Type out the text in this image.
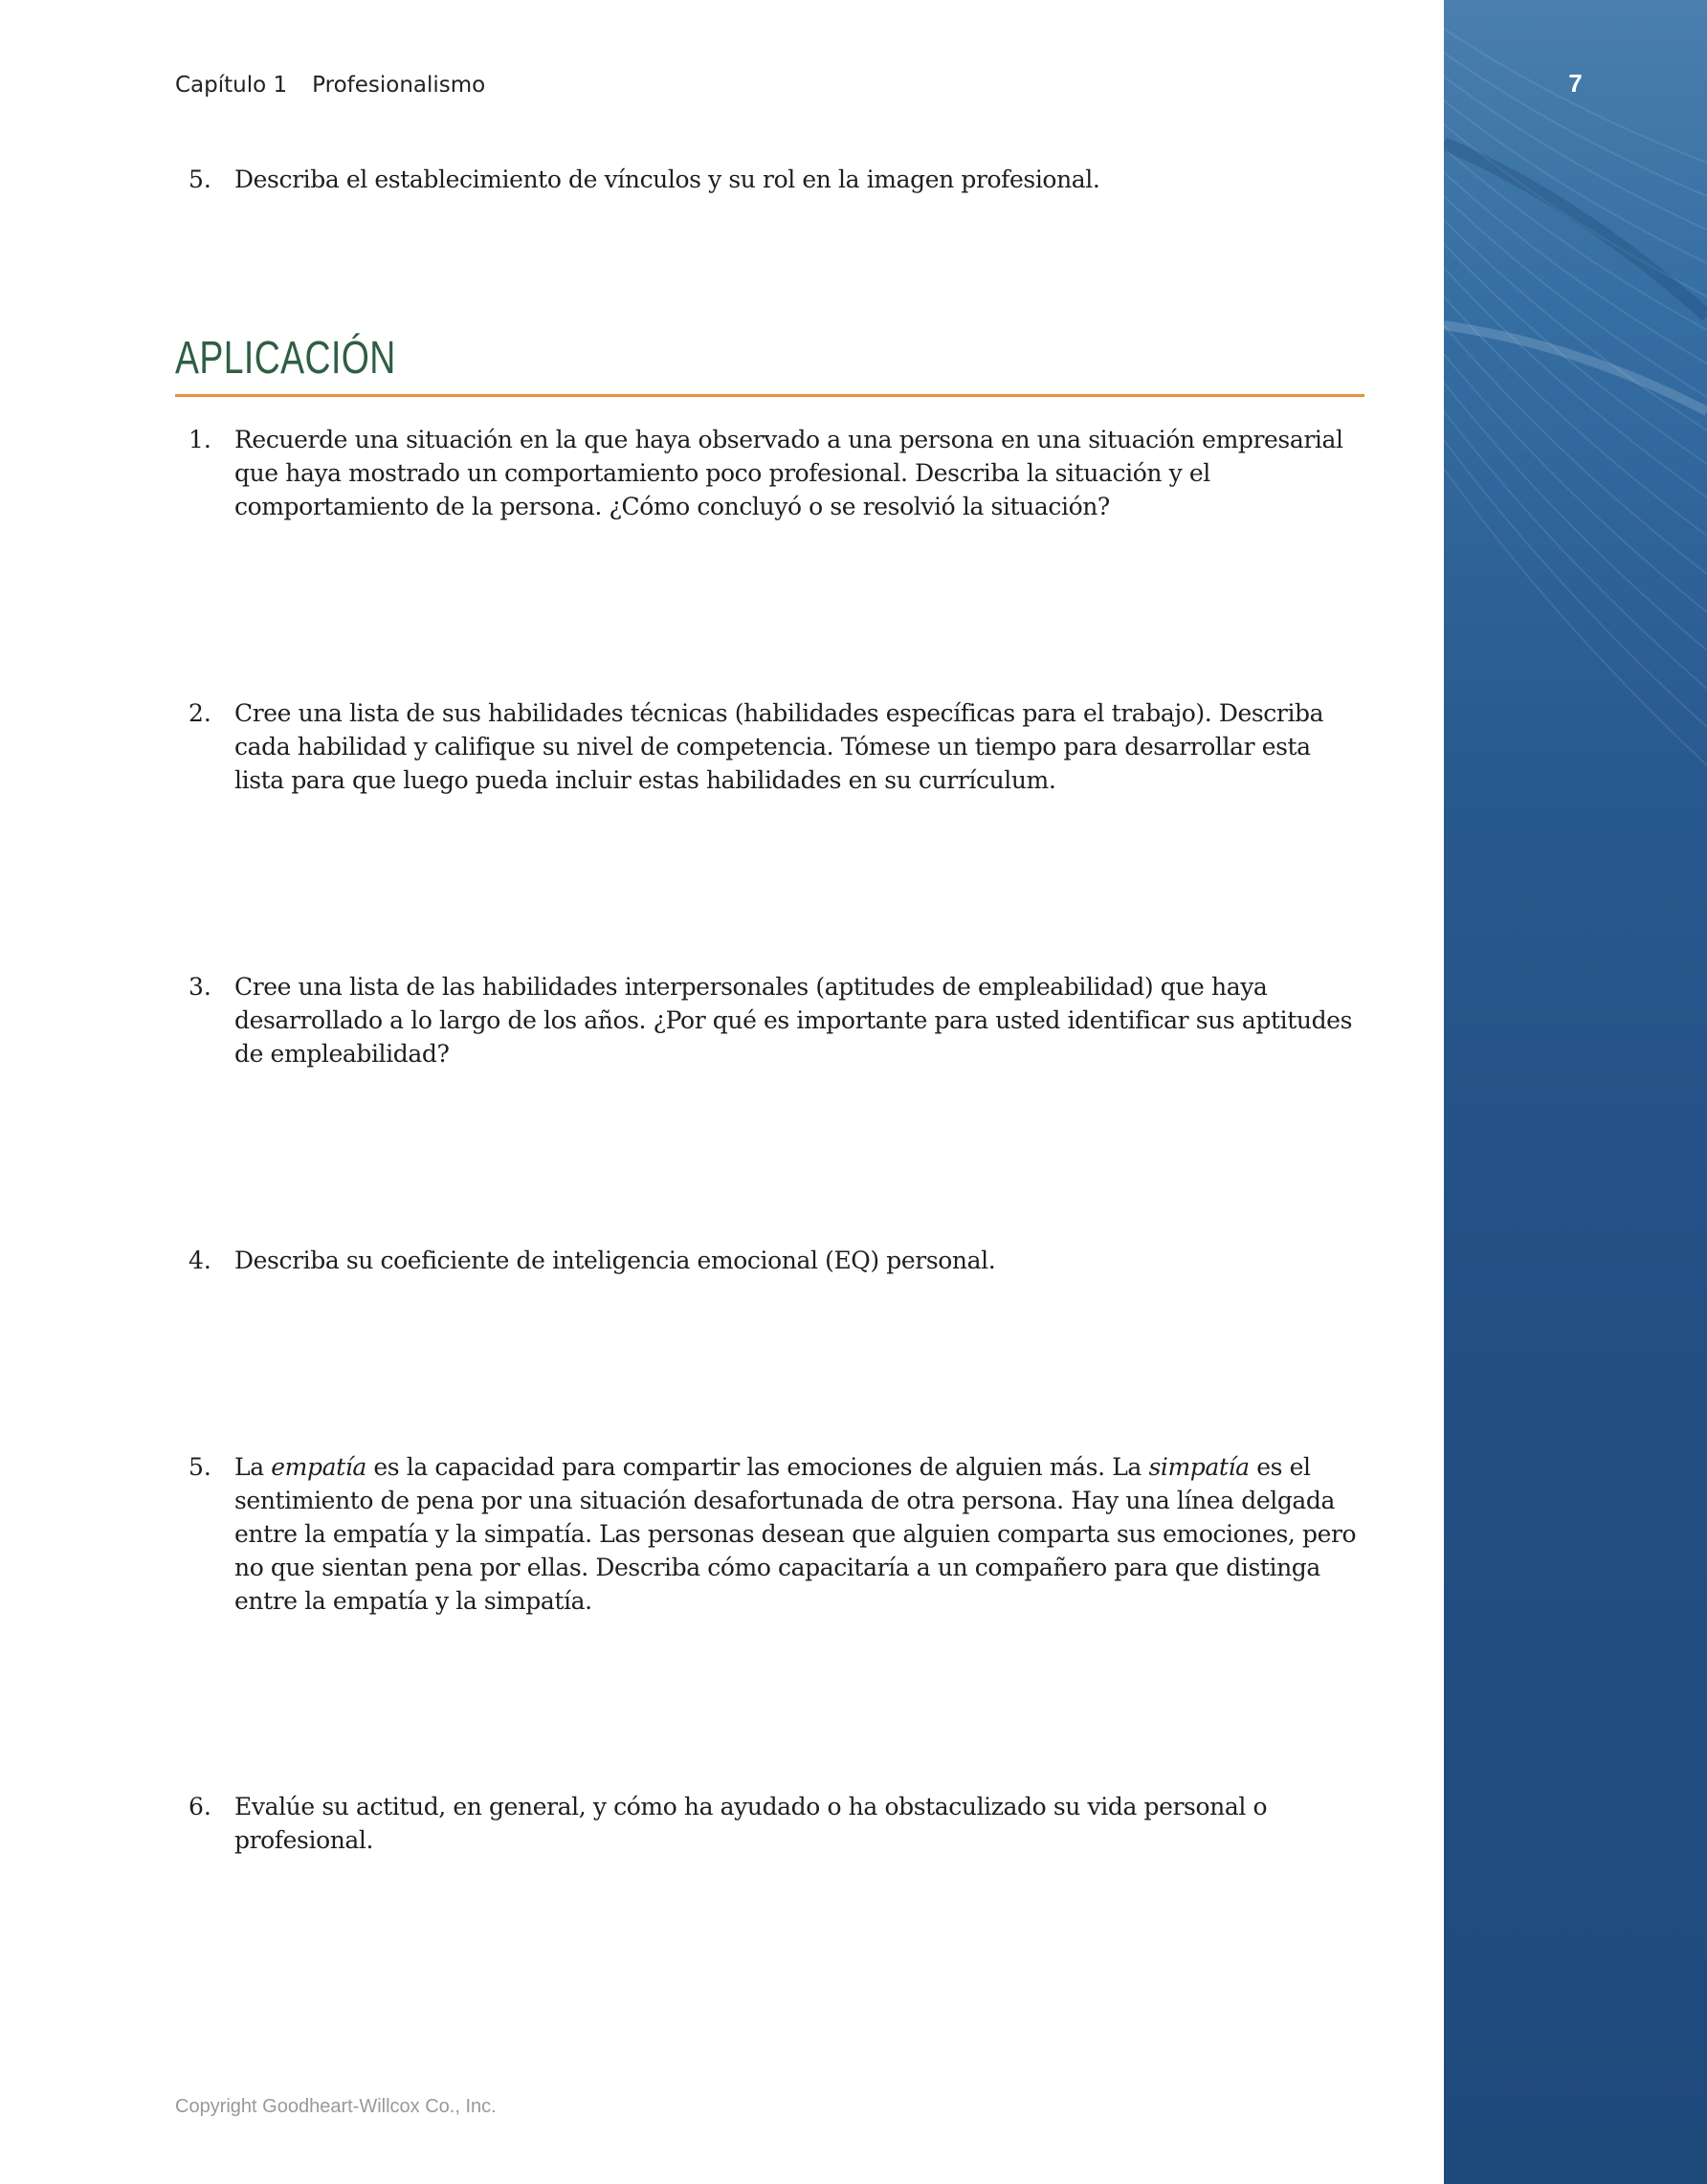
7
Capítulo 1 Profesionalismo
5. Describa el establecimiento de vínculos y su rol en la imagen profesional.
APLICACIÓN
1. Recuerde una situación en la que haya observado a una persona en una situación empresarial que haya mostrado un comportamiento poco profesional. Describa la situación y el comportamiento de la persona. ¿Cómo concluyó o se resolvió la situación?
2. Cree una lista de sus habilidades técnicas (habilidades específicas para el trabajo). Describa cada habilidad y califique su nivel de competencia. Tómese un tiempo para desarrollar esta lista para que luego pueda incluir estas habilidades en su currículum.
3. Cree una lista de las habilidades interpersonales (aptitudes de empleabilidad) que haya desarrollado a lo largo de los años. ¿Por qué es importante para usted identificar sus aptitudes de empleabilidad?
4. Describa su coeficiente de inteligencia emocional (EQ) personal.
5. La empatía es la capacidad para compartir las emociones de alguien más. La simpatía es el sentimiento de pena por una situación desafortunada de otra persona. Hay una línea delgada entre la empatía y la simpatía. Las personas desean que alguien comparta sus emociones, pero no que sientan pena por ellas. Describa cómo capacitaría a un compañero para que distinga entre la empatía y la simpatía.
6. Evalúe su actitud, en general, y cómo ha ayudado o ha obstaculizado su vida personal o profesional.
Copyright Goodheart-Willcox Co., Inc.
